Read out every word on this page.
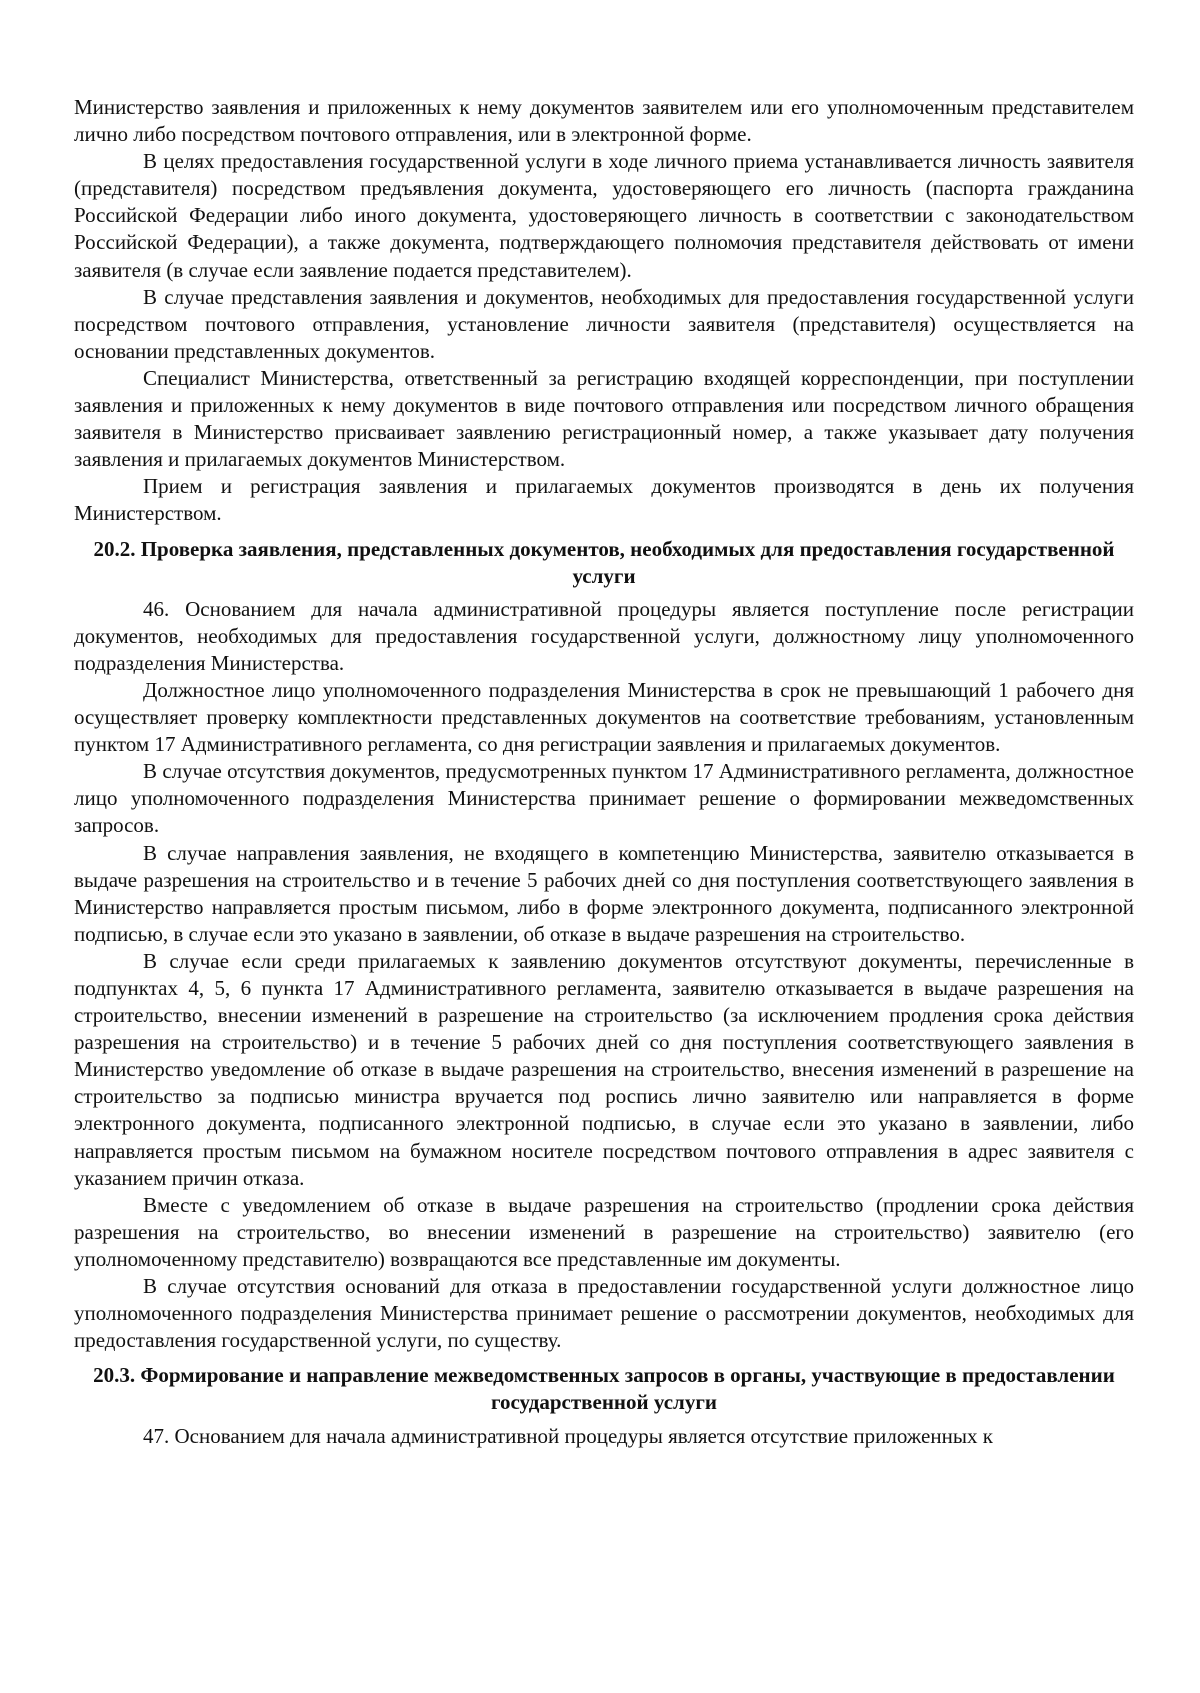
Министерство заявления и приложенных к нему документов заявителем или его уполномоченным представителем лично либо посредством почтового отправления, или в электронной форме.

В целях предоставления государственной услуги в ходе личного приема устанавливается личность заявителя (представителя) посредством предъявления документа, удостоверяющего его личность (паспорта гражданина Российской Федерации либо иного документа, удостоверяющего личность в соответствии с законодательством Российской Федерации), а также документа, подтверждающего полномочия представителя действовать от имени заявителя (в случае если заявление подается представителем).

В случае представления заявления и документов, необходимых для предоставления государственной услуги посредством почтового отправления, установление личности заявителя (представителя) осуществляется на основании представленных документов.

Специалист Министерства, ответственный за регистрацию входящей корреспонденции, при поступлении заявления и приложенных к нему документов в виде почтового отправления или посредством личного обращения заявителя в Министерство присваивает заявлению регистрационный номер, а также указывает дату получения заявления и прилагаемых документов Министерством.

Прием и регистрация заявления и прилагаемых документов производятся в день их получения Министерством.

20.2. Проверка заявления, представленных документов, необходимых для предоставления государственной услуги

46. Основанием для начала административной процедуры является поступление после регистрации документов, необходимых для предоставления государственной услуги, должностному лицу уполномоченного подразделения Министерства.

Должностное лицо уполномоченного подразделения Министерства в срок не превышающий 1 рабочего дня осуществляет проверку комплектности представленных документов на соответствие требованиям, установленным пунктом 17 Административного регламента, со дня регистрации заявления и прилагаемых документов.

В случае отсутствия документов, предусмотренных пунктом 17 Административного регламента, должностное лицо уполномоченного подразделения Министерства принимает решение о формировании межведомственных запросов.

В случае направления заявления, не входящего в компетенцию Министерства, заявителю отказывается в выдаче разрешения на строительство и в течение 5 рабочих дней со дня поступления соответствующего заявления в Министерство направляется простым письмом, либо в форме электронного документа, подписанного электронной подписью, в случае если это указано в заявлении, об отказе в выдаче разрешения на строительство.

В случае если среди прилагаемых к заявлению документов отсутствуют документы, перечисленные в подпунктах 4, 5, 6 пункта 17 Административного регламента, заявителю отказывается в выдаче разрешения на строительство, внесении изменений в разрешение на строительство (за исключением продления срока действия разрешения на строительство) и в течение 5 рабочих дней со дня поступления соответствующего заявления в Министерство уведомление об отказе в выдаче разрешения на строительство, внесения изменений в разрешение на строительство за подписью министра вручается под роспись лично заявителю или направляется в форме электронного документа, подписанного электронной подписью, в случае если это указано в заявлении, либо направляется простым письмом на бумажном носителе посредством почтового отправления в адрес заявителя с указанием причин отказа.

Вместе с уведомлением об отказе в выдаче разрешения на строительство (продлении срока действия разрешения на строительство, во внесении изменений в разрешение на строительство) заявителю (его уполномоченному представителю) возвращаются все представленные им документы.

В случае отсутствия оснований для отказа в предоставлении государственной услуги должностное лицо уполномоченного подразделения Министерства принимает решение о рассмотрении документов, необходимых для предоставления государственной услуги, по существу.

20.3. Формирование и направление межведомственных запросов в органы, участвующие в предоставлении государственной услуги

47. Основанием для начала административной процедуры является отсутствие приложенных к
